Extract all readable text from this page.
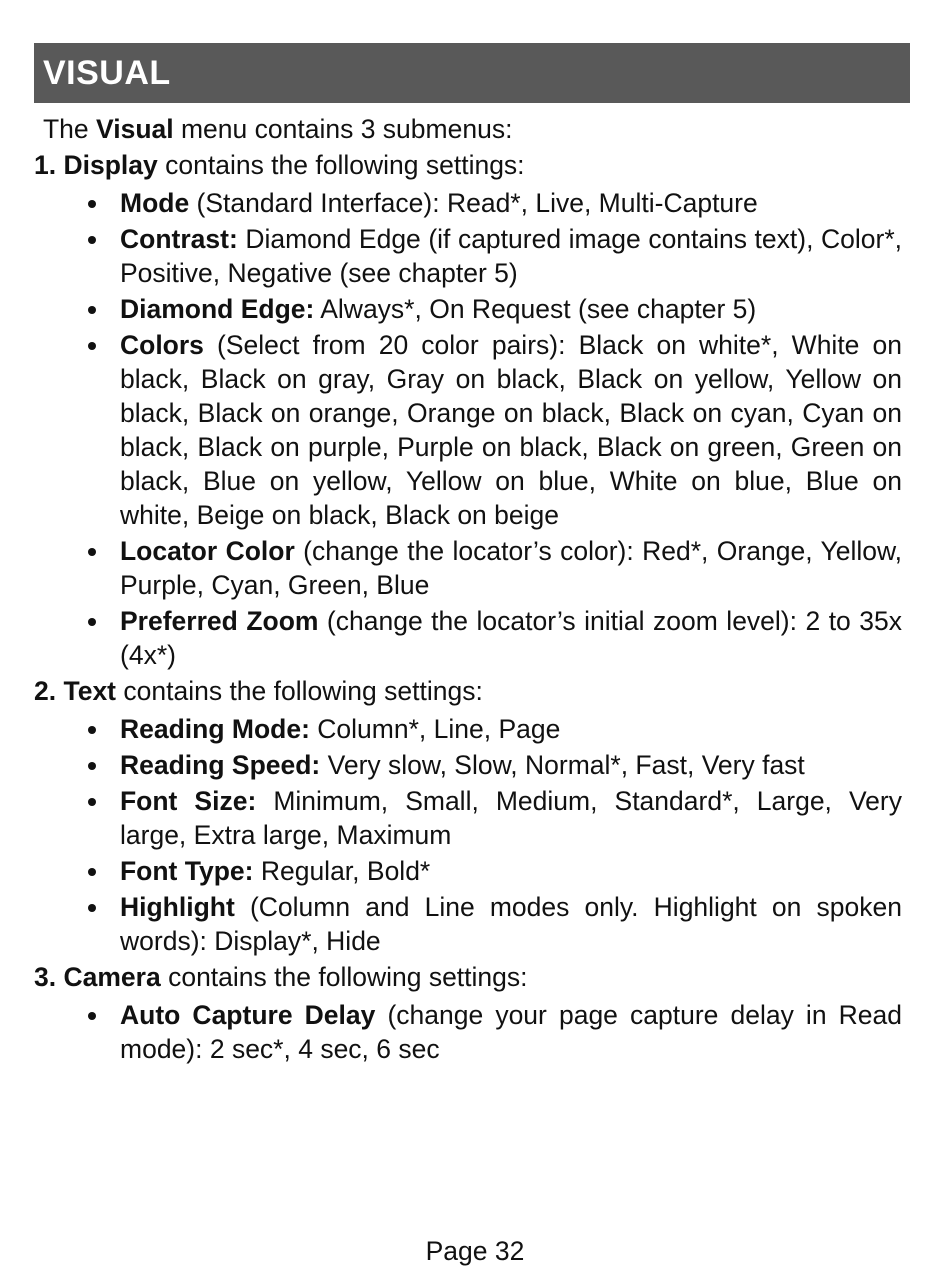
VISUAL

The Visual menu contains 3 submenus:

1. Display contains the following settings:

Mode (Standard Interface): Read*, Live, Multi-Capture
Contrast: Diamond Edge (if captured image contains text), Color*, Positive, Negative (see chapter 5)
Diamond Edge: Always*, On Request (see chapter 5)
Colors (Select from 20 color pairs): Black on white*, White on black, Black on gray, Gray on black, Black on yellow, Yellow on black, Black on orange, Orange on black, Black on cyan, Cyan on black, Black on purple, Purple on black, Black on green, Green on black, Blue on yellow, Yellow on blue, White on blue, Blue on white, Beige on black, Black on beige
Locator Color (change the locator’s color): Red*, Orange, Yellow, Purple, Cyan, Green, Blue
Preferred Zoom (change the locator’s initial zoom level): 2 to 35x (4x*)

2. Text contains the following settings:

Reading Mode: Column*, Line, Page
Reading Speed: Very slow, Slow, Normal*, Fast, Very fast
Font Size: Minimum, Small, Medium, Standard*, Large, Very large, Extra large, Maximum
Font Type: Regular, Bold*
Highlight (Column and Line modes only. Highlight on spoken words): Display*, Hide

3. Camera contains the following settings:

Auto Capture Delay (change your page capture delay in Read mode): 2 sec*, 4 sec, 6 sec
Page 32
